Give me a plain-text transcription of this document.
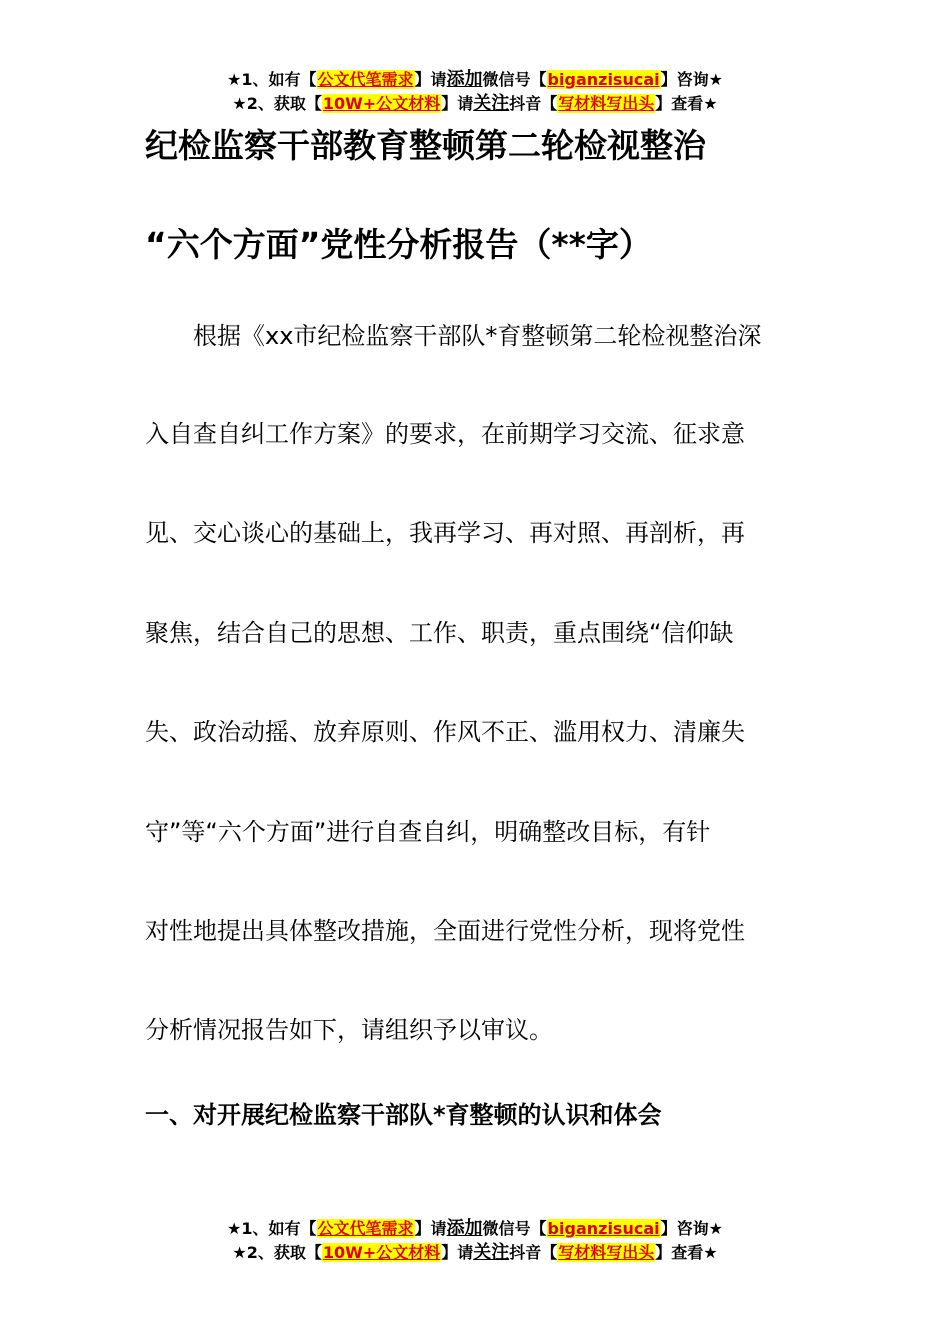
★1、如有【公文代笔需求】请添加微信号【biganzisucai】咨询★
★2、获取【10W+公文材料】请关注抖音【写材料写出头】查看★
纪检监察干部教育整顿第二轮检视整治
“六个方面”党性分析报告（**字）
　　根据《xx市纪检监察干部队*育整顿第二轮检视整治深
入自查自纠工作方案》的要求，在前期学习交流、征求意
见、交心谈心的基础上，我再学习、再对照、再剖析，再
聚焦，结合自己的思想、工作、职责，重点围绕“信仰缺
失、政治动摇、放弃原则、作风不正、滥用权力、清廉失
守”等“六个方面”进行自查自纠，明确整改目标，有针
对性地提出具体整改措施，全面进行党性分析，现将党性
分析情况报告如下，请组织予以审议。
一、对开展纪检监察干部队*育整顿的认识和体会
★1、如有【公文代笔需求】请添加微信号【biganzisucai】咨询★
★2、获取【10W+公文材料】请关注抖音【写材料写出头】查看★
